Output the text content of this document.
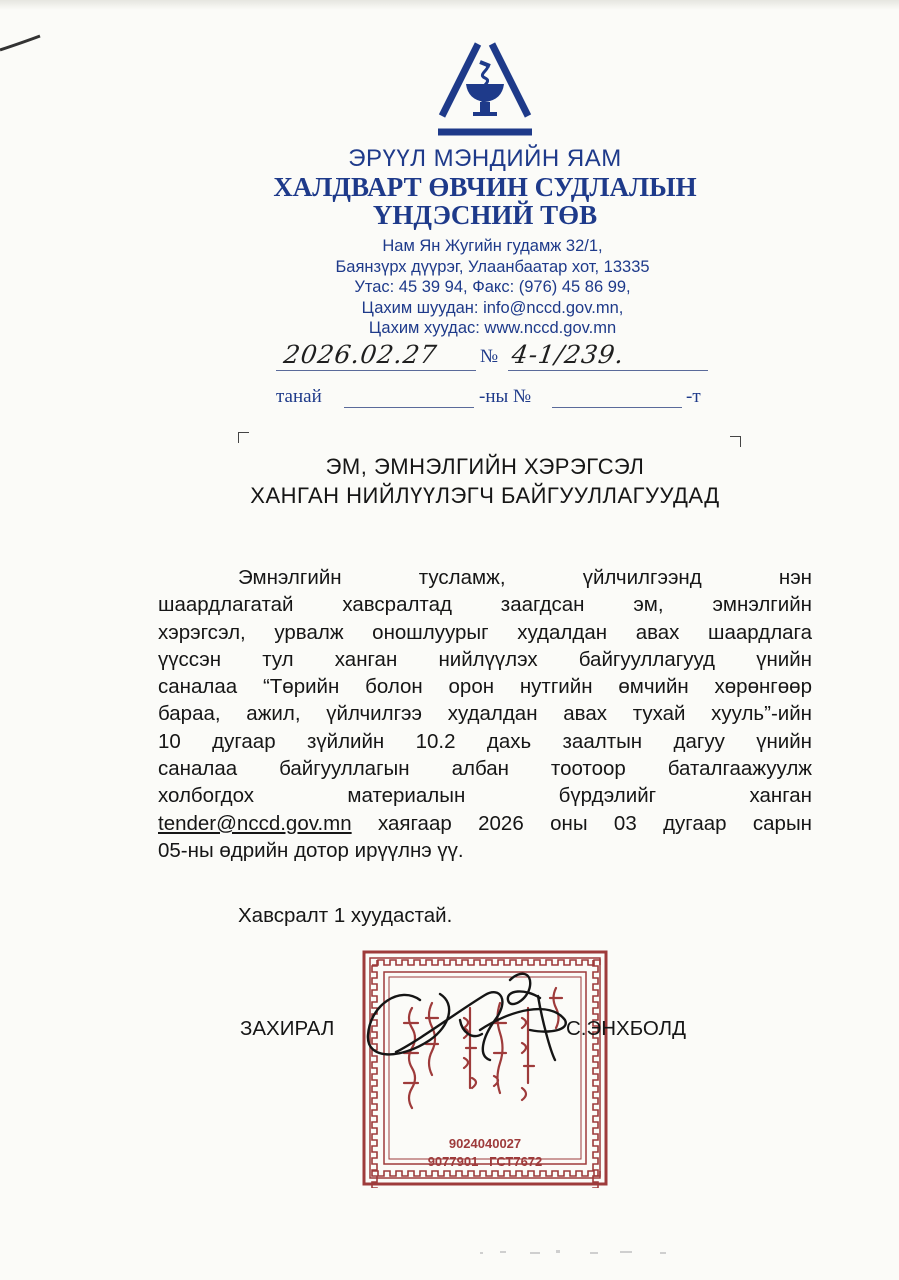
ЭРҮҮЛ МЭНДИЙН ЯАМ
ХАЛДВАРТ ӨВЧИН СУДЛАЛЫН
ҮНДЭСНИЙ ТӨВ
Нам Ян Жугийн гудамж 32/1,
Баянзүрх дүүрэг, Улаанбаатар хот, 13335
Утас: 45 39 94, Факс: (976) 45 86 99,
Цахим шуудан: info@nccd.gov.mn,
Цахим хуудас: www.nccd.gov.mn
2026.02.27 № 4-1/239.
танай	-ны №	-т
ЭМ, ЭМНЭЛГИЙН ХЭРЭГСЭЛ
ХАНГАН НИЙЛҮҮЛЭГЧ БАЙГУУЛЛАГУУДАД
Эмнэлгийн тусламж, үйлчилгээнд нэн
шаардлагатай хавсралтад заагдсан эм, эмнэлгийн
хэрэгсэл, урвалж оношлуурыг худалдан авах шаардлага
үүссэн тул ханган нийлүүлэх байгууллагууд үнийн
саналаа “Төрийн болон орон нутгийн өмчийн хөрөнгөөр
бараа, ажил, үйлчилгээ худалдан авах тухай хууль”-ийн
10 дугаар зүйлийн 10.2 дахь заалтын дагуу үнийн
саналаа байгууллагын албан тоотоор баталгаажуулж
холбогдох материалын бүрдэлийг ханган
tender@nccd.gov.mn хаягаар 2026 оны 03 дугаар сарын
05-ны өдрийн дотор ирүүлнэ үү.
Хавсралт 1 хуудастай.
9024040027
9077901   ГСТ7672
ЗАХИРАЛ	С.ЭНХБОЛД
